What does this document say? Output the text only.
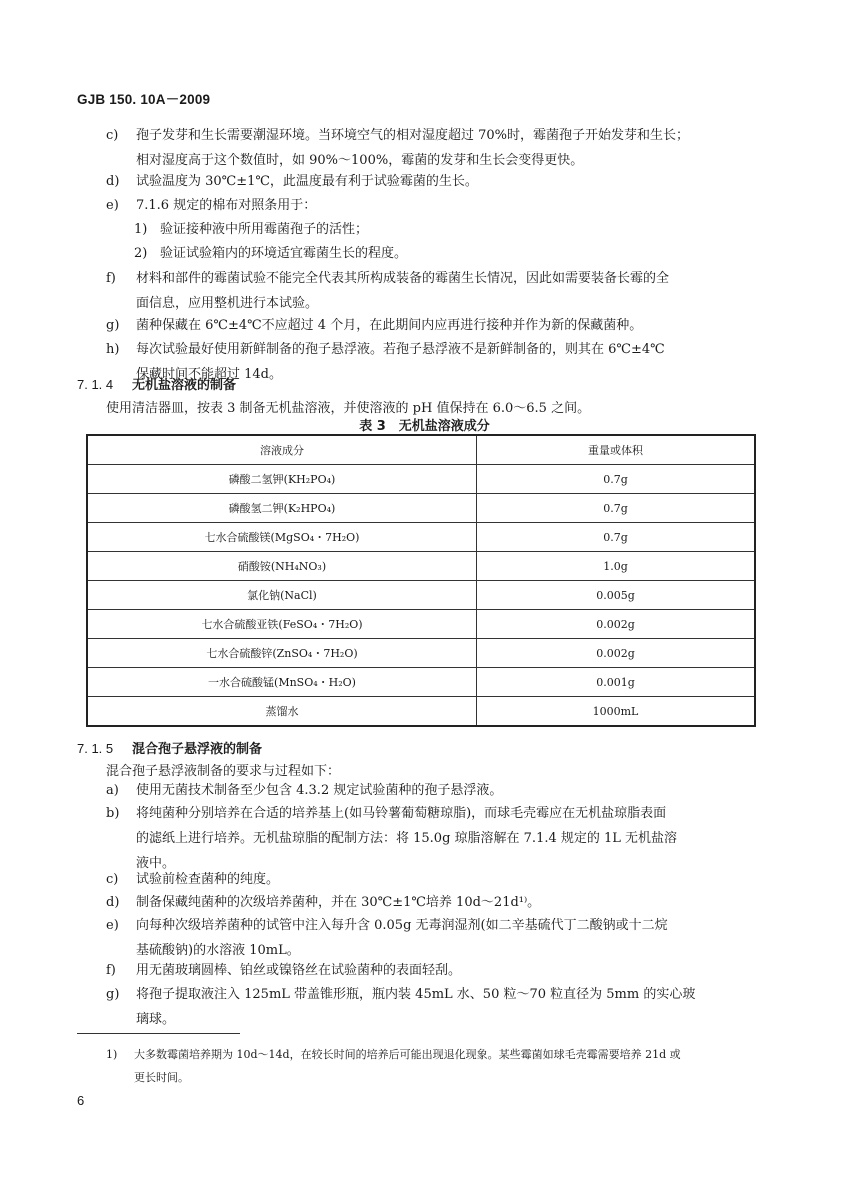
GJB 150. 10A－2009
c) 孢子发芽和生长需要潮湿环境。当环境空气的相对湿度超过 70%时，霉菌孢子开始发芽和生长；
相对湿度高于这个数值时，如 90%～100%，霉菌的发芽和生长会变得更快。
d) 试验温度为 30℃±1℃，此温度最有利于试验霉菌的生长。
e) 7.1.6 规定的棉布对照条用于：
1) 验证接种液中所用霉菌孢子的活性；
2) 验证试验箱内的环境适宜霉菌生长的程度。
f) 材料和部件的霉菌试验不能完全代表其所构成装备的霉菌生长情况，因此如需要装备长霉的全
面信息，应用整机进行本试验。
g) 菌种保藏在 6℃±4℃不应超过 4 个月，在此期间内应再进行接种并作为新的保藏菌种。
h) 每次试验最好使用新鲜制备的孢子悬浮液。若孢子悬浮液不是新鲜制备的，则其在 6℃±4℃
保藏时间不能超过 14d。
7. 1. 4 无机盐溶液的制备
使用清洁器皿，按表 3 制备无机盐溶液，并使溶液的 pH 值保持在 6.0～6.5 之间。
表 3　无机盐溶液成分
溶液成分	重量或体积
磷酸二氢钾(KH₂PO₄)	0.7g
磷酸氢二钾(K₂HPO₄)	0.7g
七水合硫酸镁(MgSO₄・7H₂O)	0.7g
硝酸铵(NH₄NO₃)	1.0g
氯化钠(NaCl)	0.005g
七水合硫酸亚铁(FeSO₄・7H₂O)	0.002g
七水合硫酸锌(ZnSO₄・7H₂O)	0.002g
一水合硫酸锰(MnSO₄・H₂O)	0.001g
蒸馏水	1000mL
7. 1. 5 混合孢子悬浮液的制备
混合孢子悬浮液制备的要求与过程如下：
a) 使用无菌技术制备至少包含 4.3.2 规定试验菌种的孢子悬浮液。
b) 将纯菌种分别培养在合适的培养基上(如马铃薯葡萄糖琼脂)，而球毛壳霉应在无机盐琼脂表面
的滤纸上进行培养。无机盐琼脂的配制方法：将 15.0g 琼脂溶解在 7.1.4 规定的 1L 无机盐溶
液中。
c) 试验前检查菌种的纯度。
d) 制备保藏纯菌种的次级培养菌种，并在 30℃±1℃培养 10d～21d¹⁾。
e) 向每种次级培养菌种的试管中注入每升含 0.05g 无毒润湿剂(如二辛基硫代丁二酸钠或十二烷
基硫酸钠)的水溶液 10mL。
f) 用无菌玻璃圆棒、铂丝或镍铬丝在试验菌种的表面轻刮。
g) 将孢子提取液注入 125mL 带盖锥形瓶，瓶内装 45mL 水、50 粒～70 粒直径为 5mm 的实心玻
璃球。
1) 大多数霉菌培养期为 10d～14d，在较长时间的培养后可能出现退化现象。某些霉菌如球毛壳霉需要培养 21d 或
更长时间。
6
